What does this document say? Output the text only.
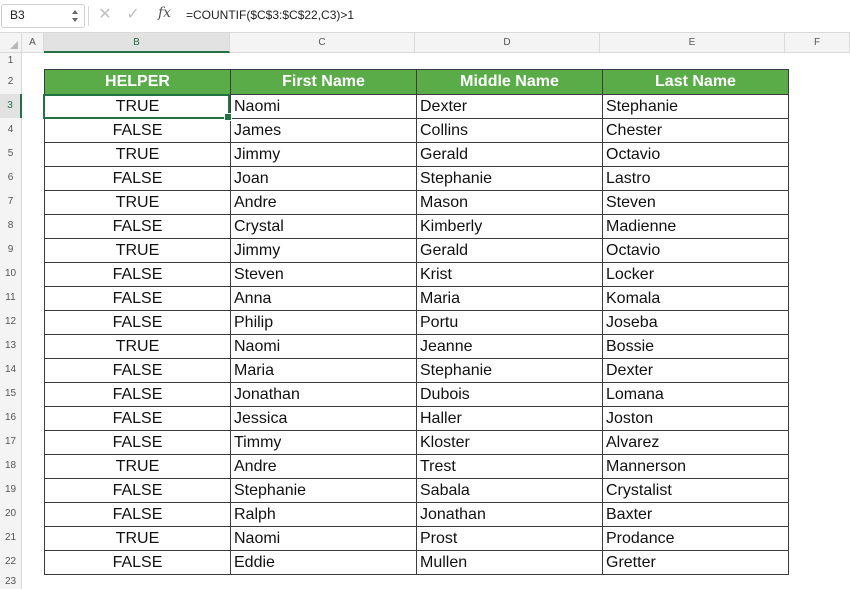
B3	✕ ✓ fx	=COUNTIF($C$3:$C$22,C3)>1
A	B	C	D	E	F
1
2
3
4
5
6
7
8
9
10
11
12
13
14
15
16
17
18
19
20
21
22
23
HELPER	First Name	Middle Name	Last Name
TRUE	Naomi	Dexter	Stephanie
FALSE	James	Collins	Chester
TRUE	Jimmy	Gerald	Octavio
FALSE	Joan	Stephanie	Lastro
TRUE	Andre	Mason	Steven
FALSE	Crystal	Kimberly	Madienne
TRUE	Jimmy	Gerald	Octavio
FALSE	Steven	Krist	Locker
FALSE	Anna	Maria	Komala
FALSE	Philip	Portu	Joseba
TRUE	Naomi	Jeanne	Bossie
FALSE	Maria	Stephanie	Dexter
FALSE	Jonathan	Dubois	Lomana
FALSE	Jessica	Haller	Joston
FALSE	Timmy	Kloster	Alvarez
TRUE	Andre	Trest	Mannerson
FALSE	Stephanie	Sabala	Crystalist
FALSE	Ralph	Jonathan	Baxter
TRUE	Naomi	Prost	Prodance
FALSE	Eddie	Mullen	Gretter
